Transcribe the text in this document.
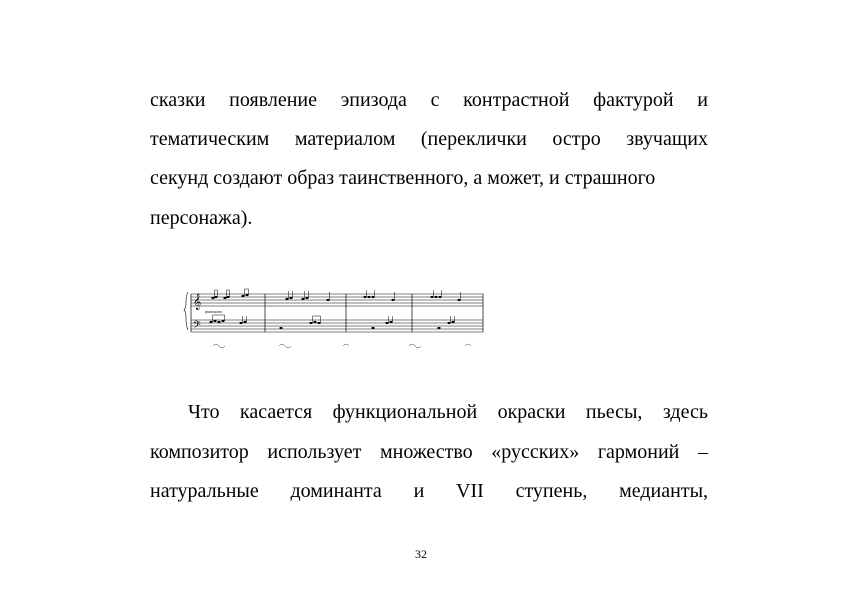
сказки появление эпизода с контрастной фактурой и
тематическим материалом (переклички остро звучащих
секунд создают образ таинственного, а может, и страшного
персонажа).
𝄞
𝄢
pianissimo
Что касается функциональной окраски пьесы, здесь
композитор использует множество «русских» гармоний –
натуральные доминанта и VII ступень, медианты,
32
